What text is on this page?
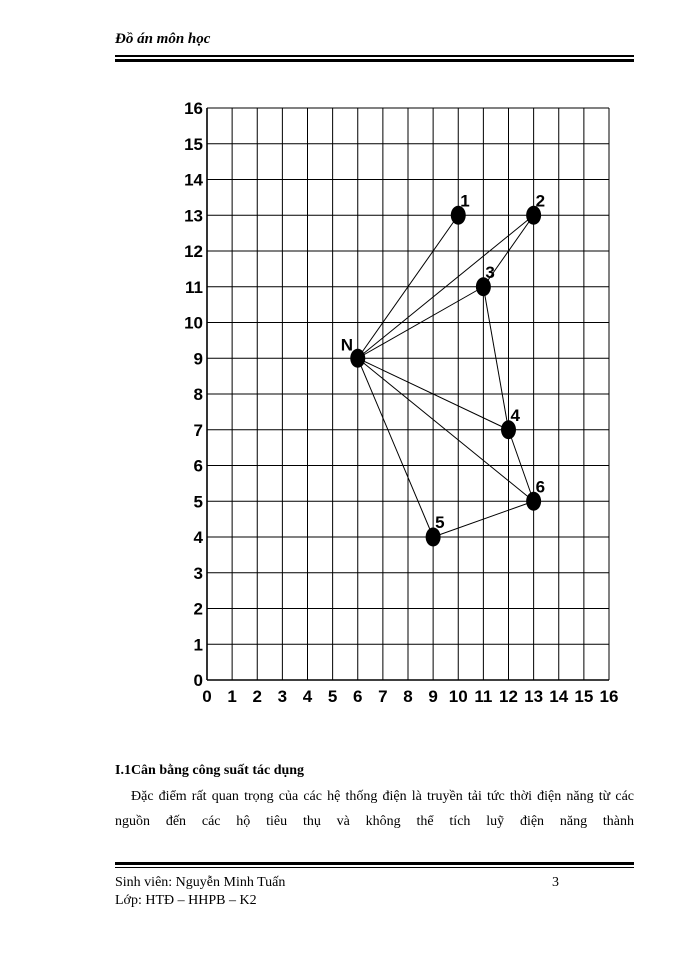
Đồ án môn học
N
1	2
3
4
5
6
0 1 2 3 4 5 6 7 8 9 10 11 12 13 14 15 16
0
1
2
3
4
5
6
7
8
9
10
11
12
13
14
15
16
I.1Cân bằng công suất tác dụng

Đặc điểm rất quan trọng của các hệ thống điện là truyền tải tức thời điện năng từ các nguồn đến các hộ tiêu thụ và không thể tích luỹ điện năng thành

Sinh viên: Nguyễn Minh Tuấn
Lớp: HTĐ – HHPB – K2
3
